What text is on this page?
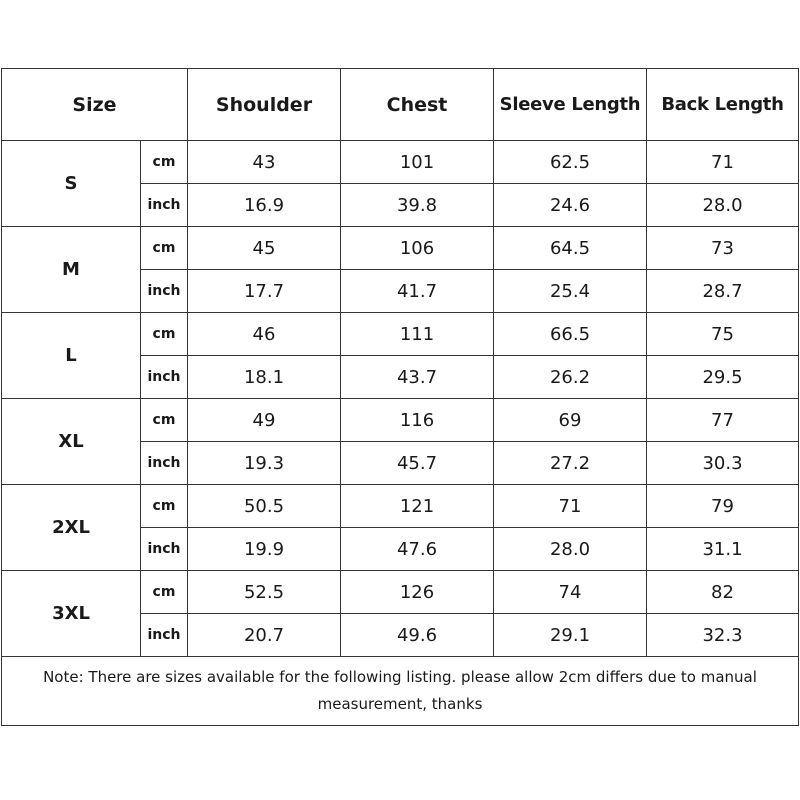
Size		Shoulder	Chest	Sleeve Length	Back Length
S	cm	43	101	62.5	71
	inch	16.9	39.8	24.6	28.0
M	cm	45	106	64.5	73
	inch	17.7	41.7	25.4	28.7
L	cm	46	111	66.5	75
	inch	18.1	43.7	26.2	29.5
XL	cm	49	116	69	77
	inch	19.3	45.7	27.2	30.3
2XL	cm	50.5	121	71	79
	inch	19.9	47.6	28.0	31.1
3XL	cm	52.5	126	74	82
	inch	20.7	49.6	29.1	32.3
Note: There are sizes available for the following listing. please allow 2cm differs due to manual measurement, thanks					
